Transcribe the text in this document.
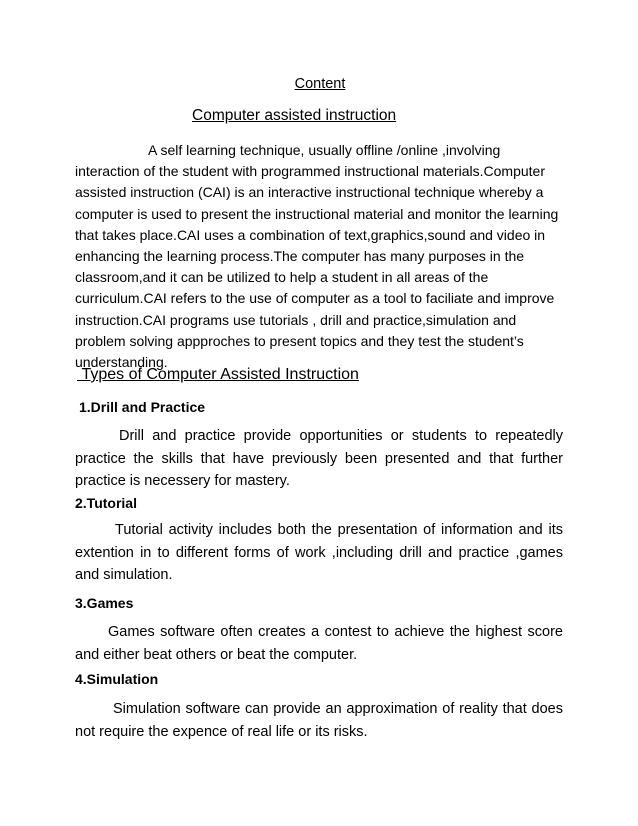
Content
Computer assisted instruction

A self learning technique, usually offline /online ,involving interaction of the student with programmed instructional materials.Computer assisted instruction (CAI) is an interactive instructional technique whereby a computer is used to present the instructional material and monitor the learning that takes place.CAI uses a combination of text,graphics,sound and video in enhancing the learning process.The computer has many purposes in the classroom,and it can be utilized to help a student in all areas of the curriculum.CAI refers to the use of computer as a tool to faciliate and improve instruction.CAI programs use tutorials , drill and practice,simulation and problem solving appproches to present topics and they test the student’s understanding.

Types of Computer Assisted Instruction

1.Drill and Practice

Drill and practice provide opportunities or students to repeatedly practice the skills that have previously been presented and that further practice is necessery for mastery.

2.Tutorial

Tutorial activity includes both the presentation of information and its extention in to different forms of work ,including drill and practice ,games and simulation.

3.Games

Games software often creates a contest to achieve the highest score and either beat others or beat the computer.

4.Simulation

Simulation software can provide an approximation of reality that does not require the expence of real life or its risks.
